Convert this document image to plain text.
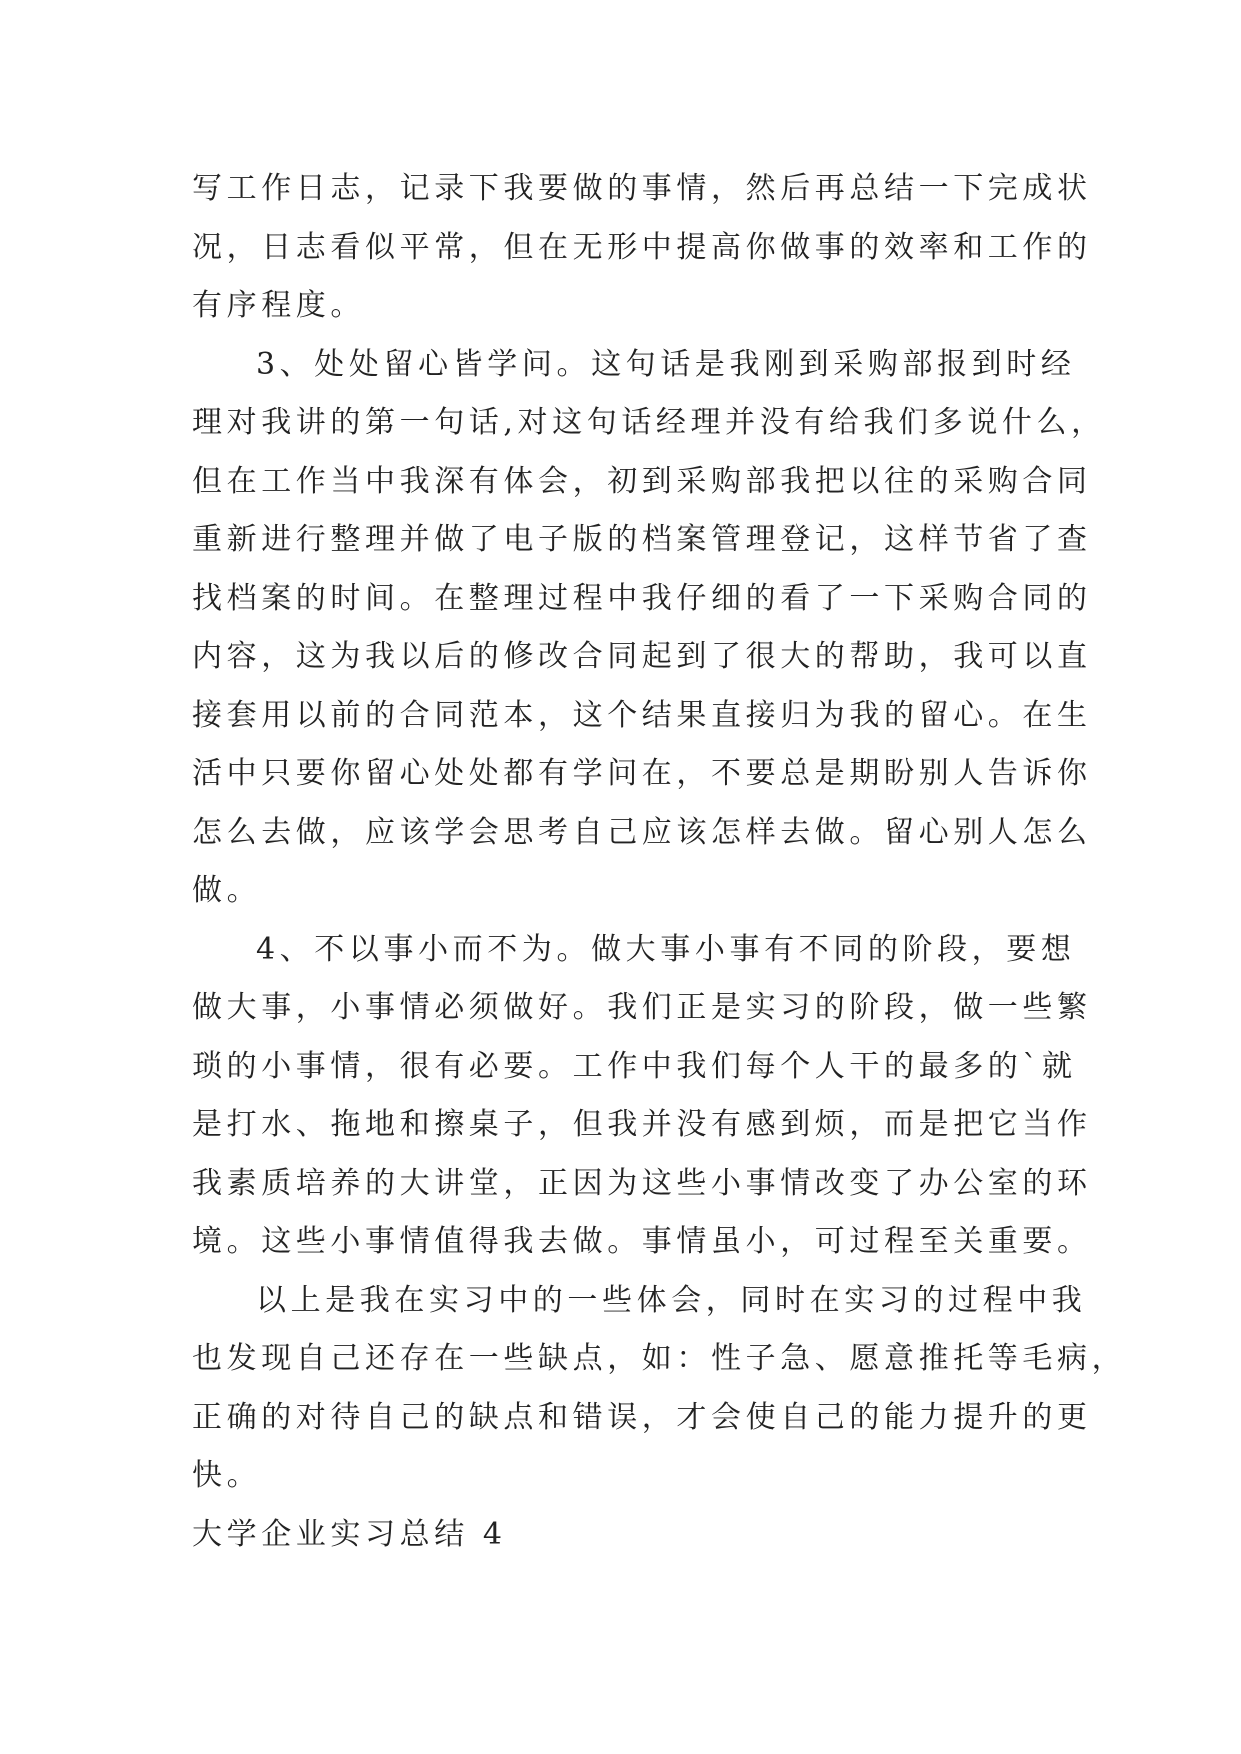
写工作日志，记录下我要做的事情，然后再总结一下完成状
况，日志看似平常，但在无形中提高你做事的效率和工作的
有序程度。

3、处处留心皆学问。这句话是我刚到采购部报到时经
理对我讲的第一句话,对这句话经理并没有给我们多说什么，
但在工作当中我深有体会，初到采购部我把以往的采购合同
重新进行整理并做了电子版的档案管理登记，这样节省了查
找档案的时间。在整理过程中我仔细的看了一下采购合同的
内容，这为我以后的修改合同起到了很大的帮助，我可以直
接套用以前的合同范本，这个结果直接归为我的留心。在生
活中只要你留心处处都有学问在，不要总是期盼别人告诉你
怎么去做，应该学会思考自己应该怎样去做。留心别人怎么
做。

4、不以事小而不为。做大事小事有不同的阶段，要想
做大事，小事情必须做好。我们正是实习的阶段，做一些繁
琐的小事情，很有必要。工作中我们每个人干的最多的`就
是打水、拖地和擦桌子，但我并没有感到烦，而是把它当作
我素质培养的大讲堂，正因为这些小事情改变了办公室的环
境。这些小事情值得我去做。事情虽小，可过程至关重要。

以上是我在实习中的一些体会，同时在实习的过程中我
也发现自己还存在一些缺点，如：性子急、愿意推托等毛病，
正确的对待自己的缺点和错误，才会使自己的能力提升的更
快。

大学企业实习总结 4
